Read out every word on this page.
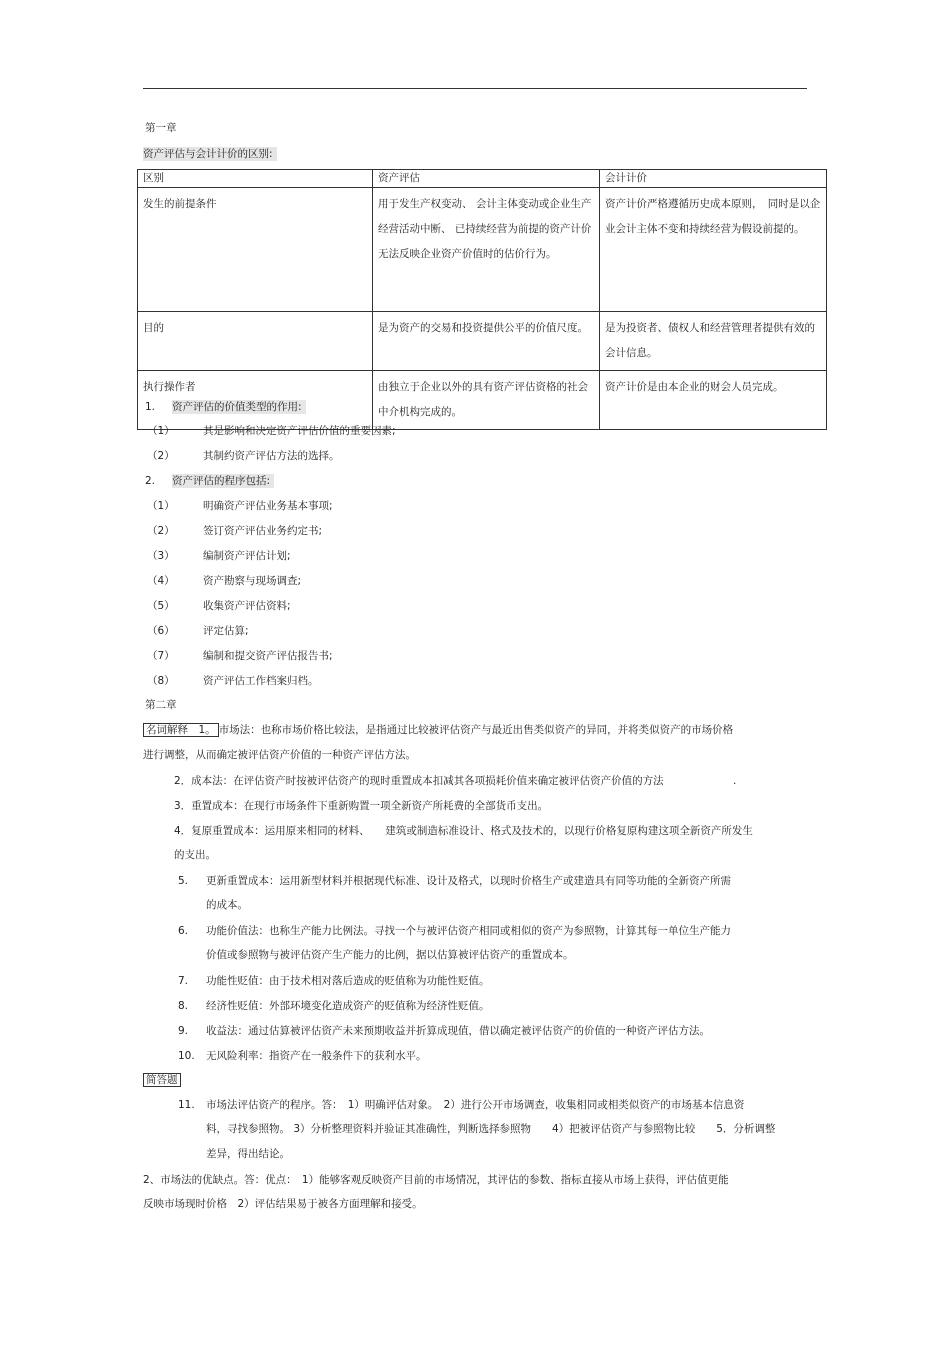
第一章
资产评估与会计计价的区别:
区别	资产评估	会计计价
发生的前提条件	用于发生产权变动、 会计主体变动或企业生产经营活动中断、 已持续经营为前提的资产计价无法反映企业资产价值时的估价行为。	资产计价严格遵循历史成本原则，　同时是以企业会计主体不变和持续经营为假设前提的。
目的	是为资产的交易和投资提供公平的价值尺度。	是为投资者、债权人和经营管理者提供有效的会计信息。
执行操作者	由独立于企业以外的具有资产评估资格的社会中介机构完成的。	资产计价是由本企业的财会人员完成。
1. 资产评估的价值类型的作用:
（1）	其是影响和决定资产评估价值的重要因素;
（2）	其制约资产评估方法的选择。
2. 资产评估的程序包括:
（1）	明确资产评估业务基本事项;
（2）	签订资产评估业务约定书;
（3）	编制资产评估计划;
（4）	资产勘察与现场调查;
（5）	收集资产评估资料;
（6）	评定估算;
（7）	编制和提交资产评估报告书;
（8）	资产评估工作档案归档。
第二章
名词解释　1。 市场法：也称市场价格比较法，是指通过比较被评估资产与最近出售类似资产的异同，并将类似资产的市场价格
进行调整，从而确定被评估资产价值的一种资产评估方法。
2．成本法：在评估资产时按被评估资产的现时重置成本扣减其各项损耗价值来确定被评估资产价值的方法	.
3．重置成本：在现行市场条件下重新购置一项全新资产所耗费的全部货币支出。
4．复原重置成本：运用原来相同的材料、　　建筑或制造标准设计、格式及技术的，以现行价格复原构建这项全新资产所发生
的支出。
5. 更新重置成本：运用新型材料并根据现代标准、设计及格式，以现时价格生产或建造具有同等功能的全新资产所需
的成本。
6. 功能价值法：也称生产能力比例法。寻找一个与被评估资产相同或相似的资产为参照物，计算其每一单位生产能力
价值或参照物与被评估资产生产能力的比例，据以估算被评估资产的重置成本。
7. 功能性贬值：由于技术相对落后造成的贬值称为功能性贬值。
8. 经济性贬值：外部环境变化造成资产的贬值称为经济性贬值。
9. 收益法：通过估算被评估资产未来预期收益并折算成现值，借以确定被评估资产的价值的一种资产评估方法。
10. 无风险利率：指资产在一般条件下的获利水平。
简答题
11. 市场法评估资产的程序。答：　1）明确评估对象。　2）进行公开市场调查，收集相同或相类似资产的市场基本信息资
料，寻找参照物。 3）分析整理资料并验证其准确性，判断选择参照物　　4）把被评估资产与参照物比较　　5．分析调整
差异，得出结论。
2、市场法的优缺点。答：优点：　1）能够客观反映资产目前的市场情况，其评估的参数、指标直接从市场上获得，评估值更能
反映市场现时价格　2）评估结果易于被各方面理解和接受。
